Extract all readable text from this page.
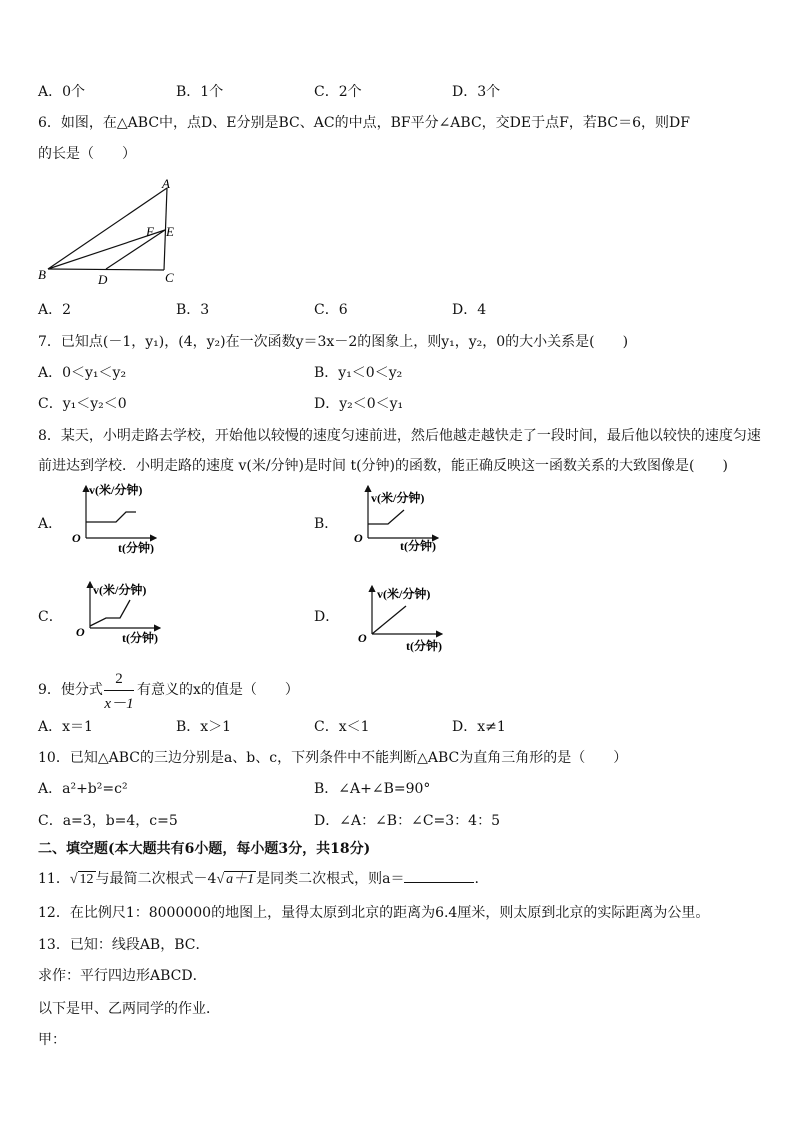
A．0个	B．1个	C．2个	D．3个
6．如图，在△ABC中，点D、E分别是BC、AC的中点，BF平分∠ABC，交DE于点F，若BC＝6，则DF
的长是（　　）
A
F E
B	D	C
A．2	B．3	C．6	D．4
7．已知点(－1，y₁)，(4，y₂)在一次函数y＝3x－2的图象上，则y₁，y₂，0的大小关系是(　　)
A．0＜y₁＜y₂	B．y₁＜0＜y₂
C．y₁＜y₂＜0	D．y₂＜0＜y₁
8．某天，小明走路去学校，开始他以较慢的速度匀速前进，然后他越走越快走了一段时间，最后他以较快的速度匀速
前进达到学校．小明走路的速度 v(米/分钟)是时间 t(分钟)的函数，能正确反映这一函数关系的大致图像是(　　)
A．
v(米/分钟)
O
t(分钟)
B．
v(米/分钟)
O
t(分钟)
C．
v(米/分钟)
O	t(分钟)
D．
v(米/分钟)
O
t(分钟)
9．使分式
2
x－1
有意义的x的值是（　　）
A．x＝1	B．x＞1	C．x＜1	D．x≠1
10．已知△ABC的三边分别是a、b、c，下列条件中不能判断△ABC为直角三角形的是（　　）
A．a²+b²=c²	B．∠A+∠B=90°
C．a=3，b=4，c=5	D．∠A：∠B：∠C=3：4：5
二、填空题(本大题共有6小题，每小题3分，共18分)
11．√ 12 与最简二次根式－4√ a＋1 是同类二次根式，则a＝	.
12．在比例尺1：8000000的地图上，量得太原到北京的距离为6.4厘米，则太原到北京的实际距离为公里。
13．已知：线段AB，BC．
求作：平行四边形ABCD．
以下是甲、乙两同学的作业．
甲：
